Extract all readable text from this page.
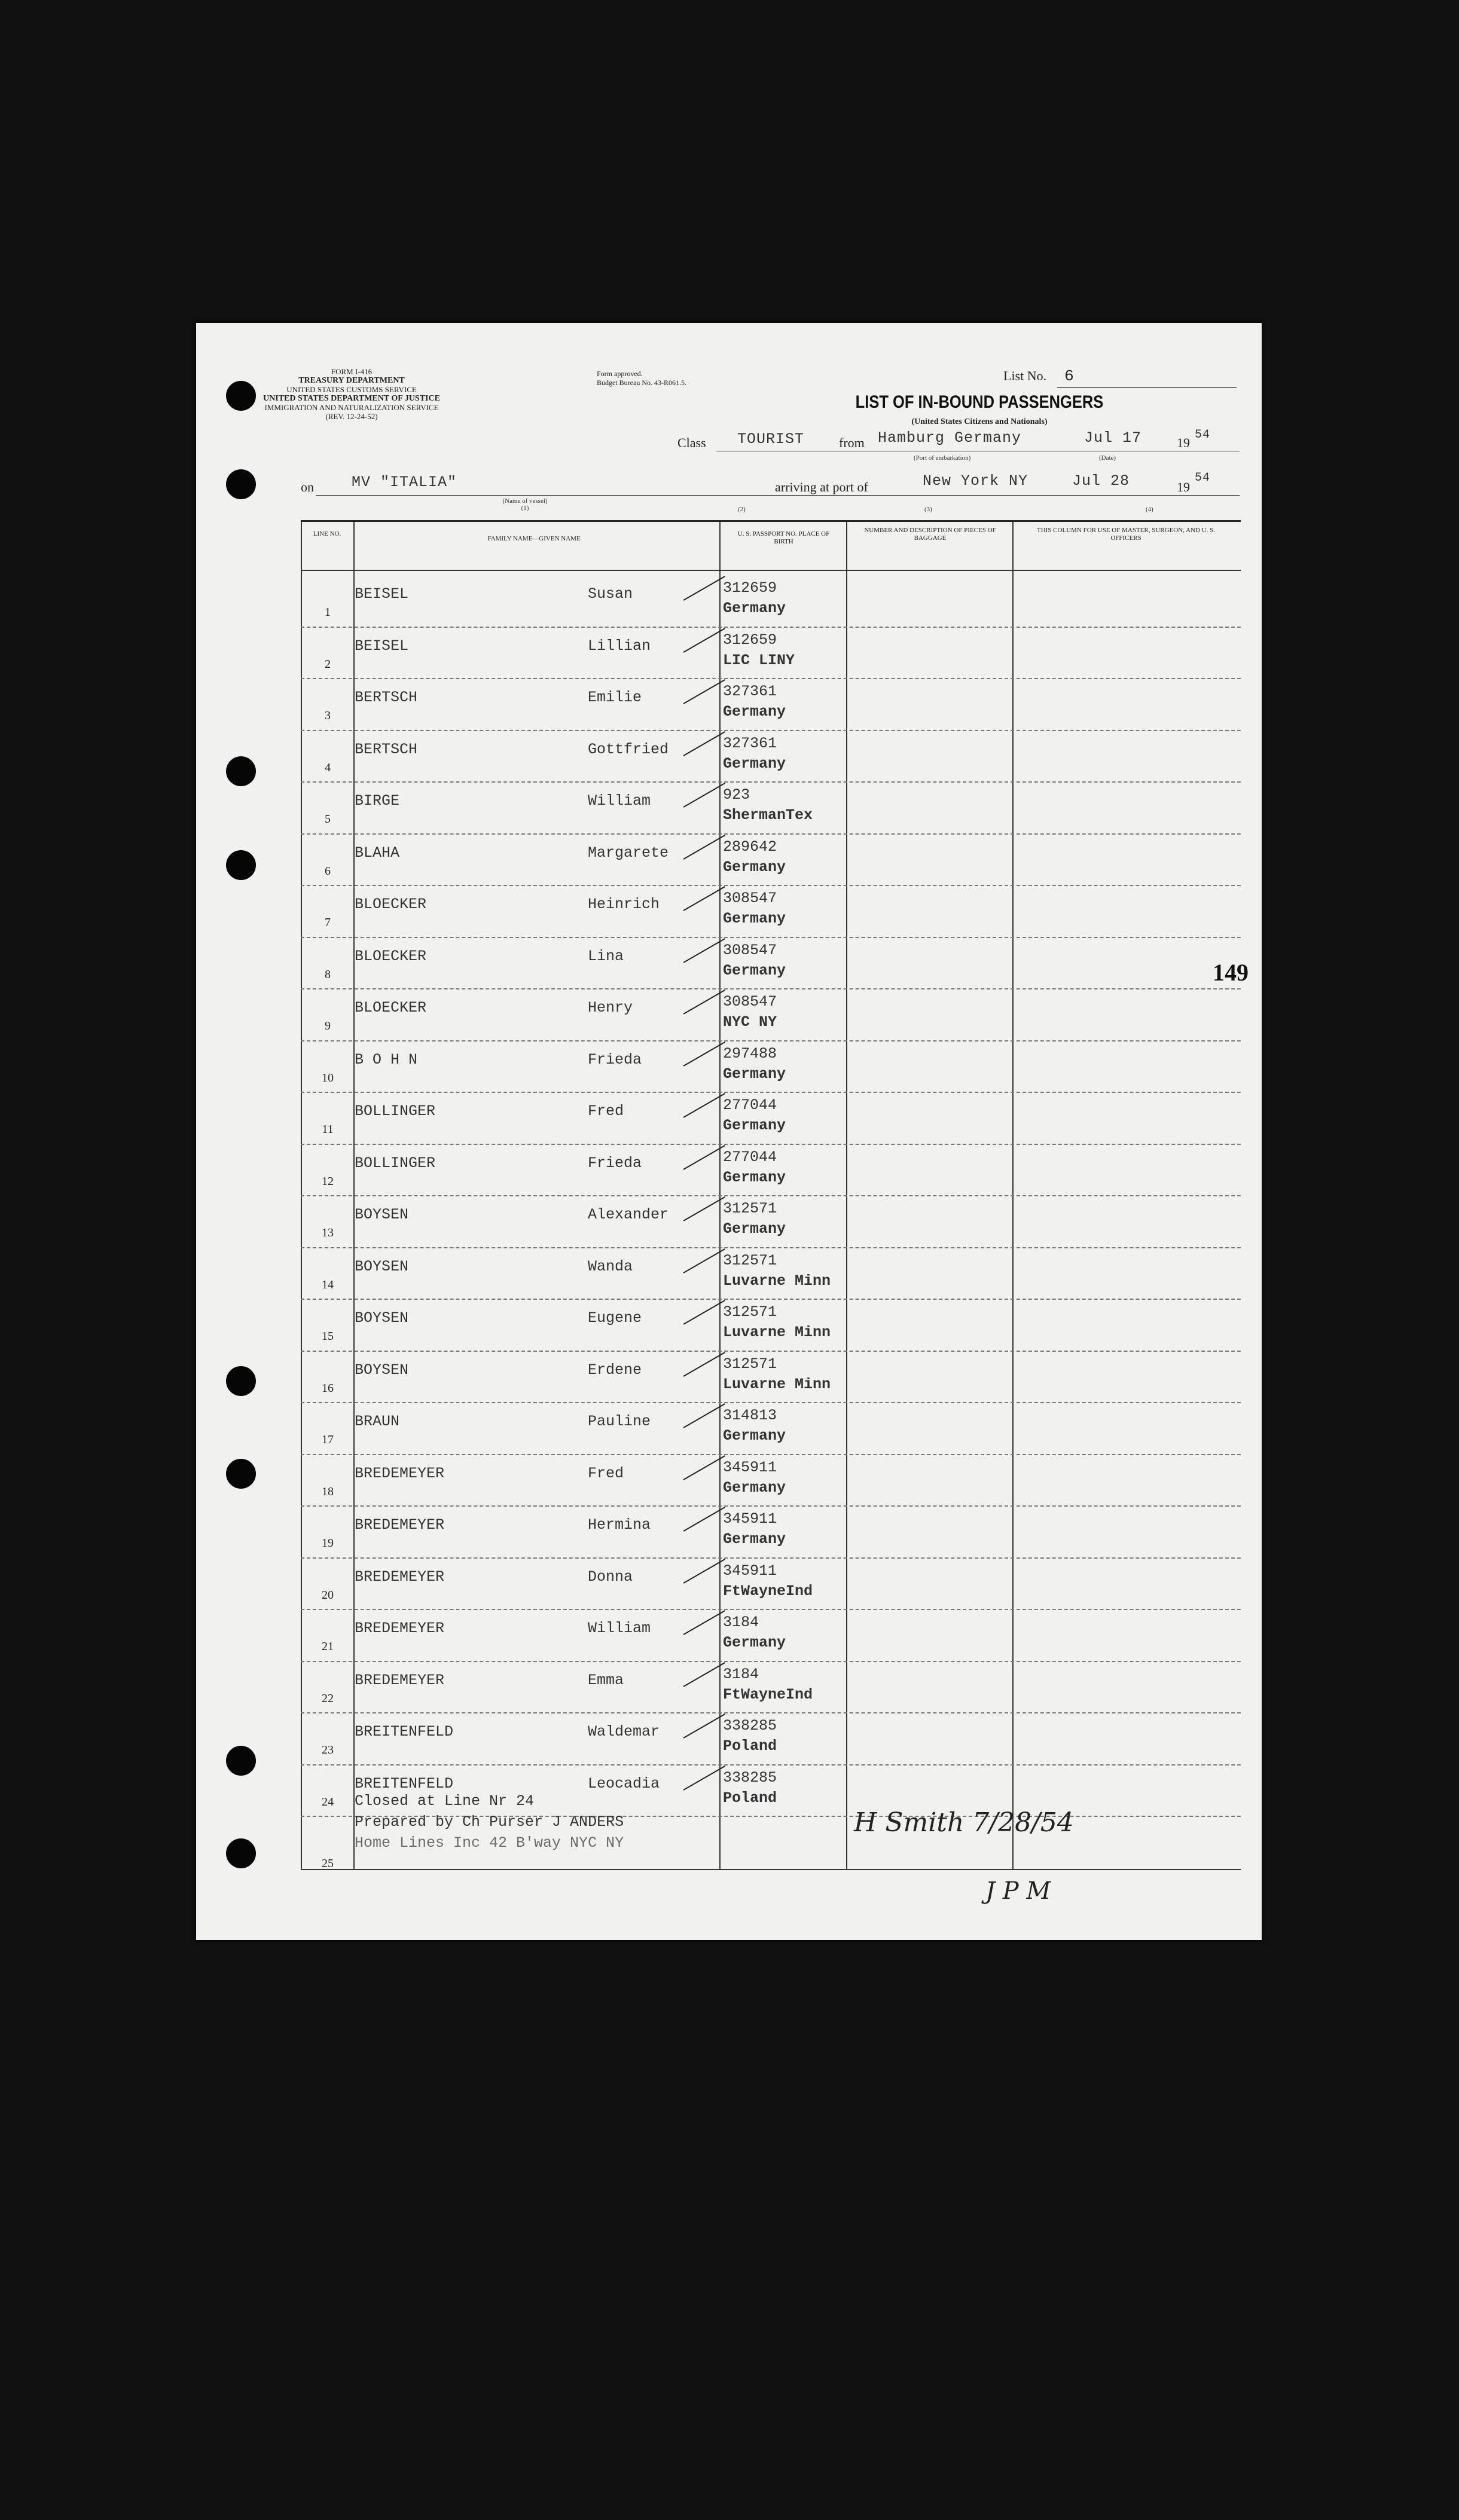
FORM I-416
TREASURY DEPARTMENT
UNITED STATES CUSTOMS SERVICE
UNITED STATES DEPARTMENT OF JUSTICE
IMMIGRATION AND NATURALIZATION SERVICE
(REV. 12-24-52)
Form approved.
Budget Bureau No. 43-R061.5.	List No. 6
LIST OF IN-BOUND PASSENGERS
(United States Citizens and Nationals)
Class TOURIST	from Hamburg Germany	Jul 17	19
54
(Port of embarkation)	(Date)
on	MV "ITALIA"	arriving at port of	New York NY	Jul 28	19
54
(Name of vessel)
(1)	(2)	(3)	(4)
LINE NO.
FAMILY NAME—GIVEN NAME
U. S. PASSPORT NO. PLACE OF BIRTH
NUMBER AND DESCRIPTION OF PIECES OF BAGGAGE
THIS COLUMN FOR USE OF MASTER, SURGEON, AND U. S. OFFICERS
1
BEISEL	Susan	312659
Germany
2
BEISEL	Lillian	312659
LIC LINY
3
BERTSCH	Emilie	327361
Germany
4
BERTSCH	Gottfried	327361
Germany
5
BIRGE	William	923
ShermanTex
6
BLAHA	Margarete	289642
Germany
7
BLOECKER	Heinrich	308547
Germany
8
BLOECKER	Lina	308547
Germany
9
BLOECKER	Henry	308547
NYC NY
10
B O H N	Frieda	297488
Germany
11
BOLLINGER	Fred	277044
Germany
12
BOLLINGER	Frieda	277044
Germany
13
BOYSEN	Alexander	312571
Germany
14
BOYSEN	Wanda	312571
Luvarne Minn
15
BOYSEN	Eugene	312571
Luvarne Minn
16
BOYSEN	Erdene	312571
Luvarne Minn
17
BRAUN	Pauline	314813
Germany
18
BREDEMEYER	Fred	345911
Germany
19
BREDEMEYER	Hermina	345911
Germany
20
BREDEMEYER	Donna	345911
FtWayneInd
21
BREDEMEYER	William	3184
Germany
22
BREDEMEYER	Emma	3184
FtWayneInd
23
BREITENFELD	Waldemar	338285
Poland
24
BREITENFELD	Leocadia	338285
Poland
149
25
Closed at Line Nr 24
Prepared by Ch Purser J ANDERS
Home Lines Inc 42 B'way NYC NY
H Smith 7/28/54
J P M
